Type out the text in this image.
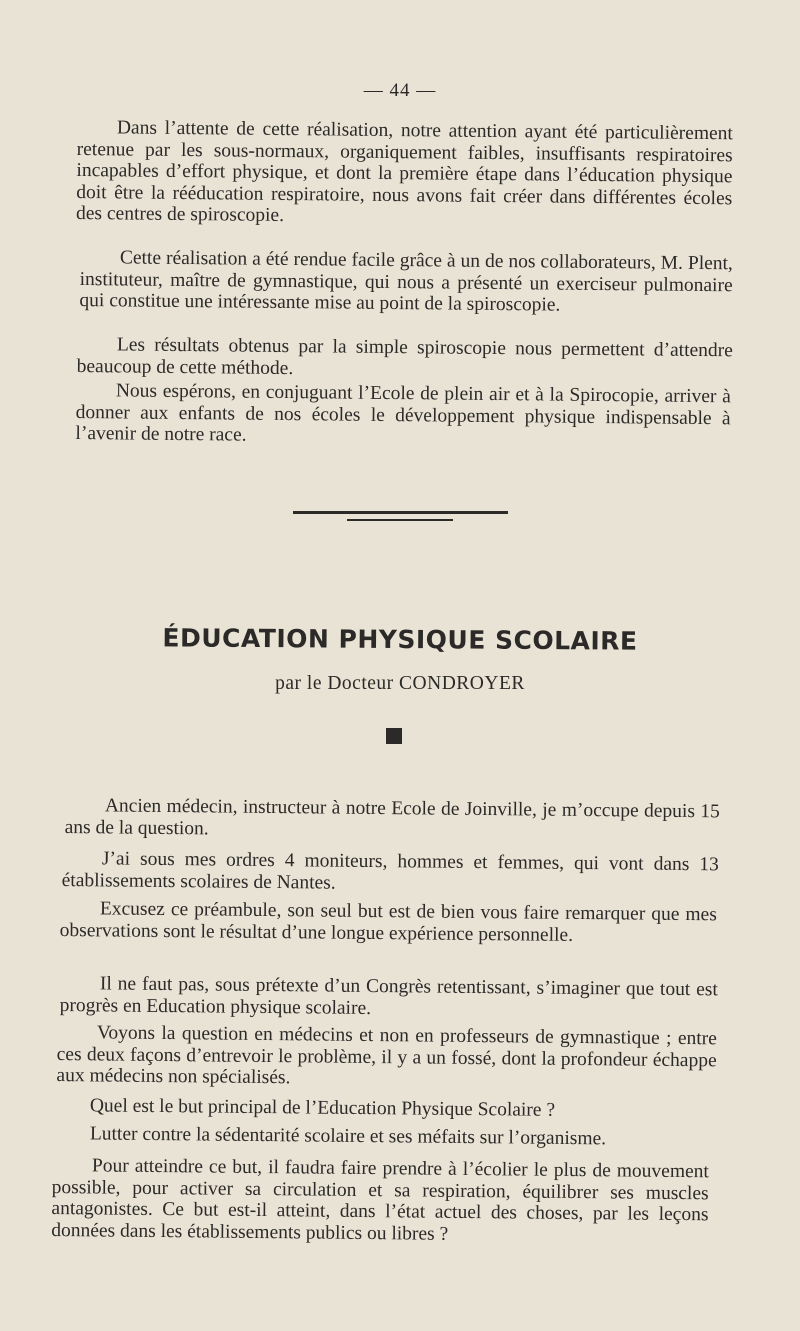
— 44 —

Dans l’attente de cette réalisation, notre attention ayant été particulièrement retenue par les sous-normaux, organiquement faibles, insuffisants respiratoires incapables d’effort physique, et dont la première étape dans l’éducation physique doit être la rééducation respiratoire, nous avons fait créer dans différentes écoles des centres de spiroscopie.

Cette réalisation a été rendue facile grâce à un de nos collaborateurs, M. Plent, instituteur, maître de gymnastique, qui nous a présenté un exerciseur pulmonaire qui constitue une intéressante mise au point de la spiroscopie.

Les résultats obtenus par la simple spiroscopie nous permettent d’attendre beaucoup de cette méthode.

Nous espérons, en conjuguant l’Ecole de plein air et à la Spirocopie, arriver à donner aux enfants de nos écoles le développement physique indispensable à l’avenir de notre race.

ÉDUCATION PHYSIQUE SCOLAIRE
par le Docteur CONDROYER

Ancien médecin, instructeur à notre Ecole de Joinville, je m’occupe depuis 15 ans de la question.

J’ai sous mes ordres 4 moniteurs, hommes et femmes, qui vont dans 13 établissements scolaires de Nantes.

Excusez ce préambule, son seul but est de bien vous faire remarquer que mes observations sont le résultat d’une longue expérience personnelle.

Il ne faut pas, sous prétexte d’un Congrès retentissant, s’imaginer que tout est progrès en Education physique scolaire.

Voyons la question en médecins et non en professeurs de gymnastique ; entre ces deux façons d’entrevoir le problème, il y a un fossé, dont la profondeur échappe aux médecins non spécialisés.

Quel est le but principal de l’Education Physique Scolaire ?

Lutter contre la sédentarité scolaire et ses méfaits sur l’organisme.

Pour atteindre ce but, il faudra faire prendre à l’écolier le plus de mouvement possible, pour activer sa circulation et sa respiration, équilibrer ses muscles antagonistes. Ce but est-il atteint, dans l’état actuel des choses, par les leçons données dans les établissements publics ou libres ?
